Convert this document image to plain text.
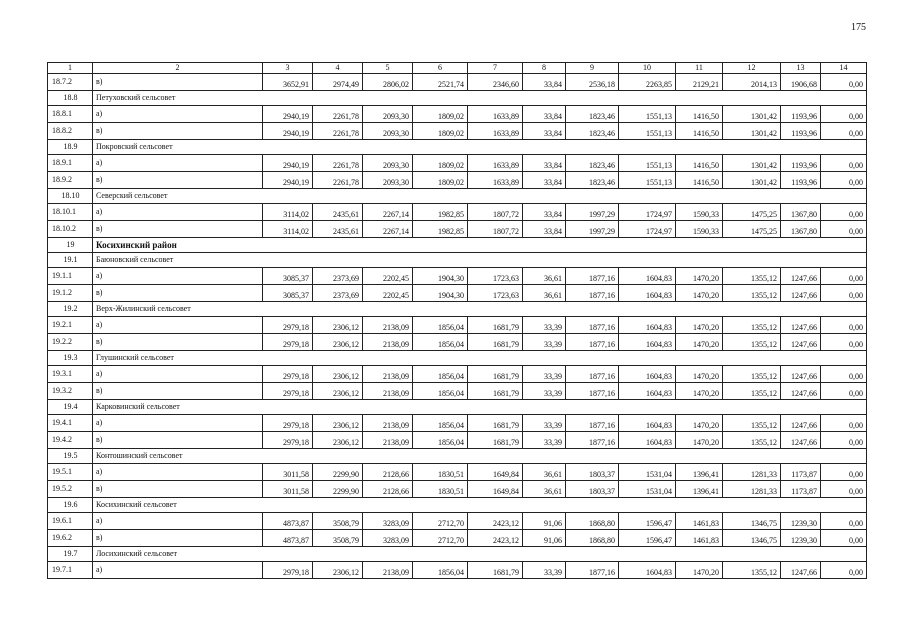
175
1	2	3	4	5	6	7	8	9	10	11	12	13	14
18.7.2	в)	3652,91	2974,49	2806,02	2521,74	2346,60	33,84	2536,18	2263,85	2129,21	2014,13	1906,68	0,00
18.8	Петуховский сельсовет												
18.8.1	а)	2940,19	2261,78	2093,30	1809,02	1633,89	33,84	1823,46	1551,13	1416,50	1301,42	1193,96	0,00
18.8.2	в)	2940,19	2261,78	2093,30	1809,02	1633,89	33,84	1823,46	1551,13	1416,50	1301,42	1193,96	0,00
18.9	Покровский сельсовет												
18.9.1	а)	2940,19	2261,78	2093,30	1809,02	1633,89	33,84	1823,46	1551,13	1416,50	1301,42	1193,96	0,00
18.9.2	в)	2940,19	2261,78	2093,30	1809,02	1633,89	33,84	1823,46	1551,13	1416,50	1301,42	1193,96	0,00
18.10	Северский сельсовет												
18.10.1	а)	3114,02	2435,61	2267,14	1982,85	1807,72	33,84	1997,29	1724,97	1590,33	1475,25	1367,80	0,00
18.10.2	в)	3114,02	2435,61	2267,14	1982,85	1807,72	33,84	1997,29	1724,97	1590,33	1475,25	1367,80	0,00
19	Косихинский район												
19.1	Баюновский сельсовет												
19.1.1	а)	3085,37	2373,69	2202,45	1904,30	1723,63	36,61	1877,16	1604,83	1470,20	1355,12	1247,66	0,00
19.1.2	в)	3085,37	2373,69	2202,45	1904,30	1723,63	36,61	1877,16	1604,83	1470,20	1355,12	1247,66	0,00
19.2	Верх-Жилинский сельсовет												
19.2.1	а)	2979,18	2306,12	2138,09	1856,04	1681,79	33,39	1877,16	1604,83	1470,20	1355,12	1247,66	0,00
19.2.2	в)	2979,18	2306,12	2138,09	1856,04	1681,79	33,39	1877,16	1604,83	1470,20	1355,12	1247,66	0,00
19.3	Глушинский сельсовет												
19.3.1	а)	2979,18	2306,12	2138,09	1856,04	1681,79	33,39	1877,16	1604,83	1470,20	1355,12	1247,66	0,00
19.3.2	в)	2979,18	2306,12	2138,09	1856,04	1681,79	33,39	1877,16	1604,83	1470,20	1355,12	1247,66	0,00
19.4	Карковинский сельсовет												
19.4.1	а)	2979,18	2306,12	2138,09	1856,04	1681,79	33,39	1877,16	1604,83	1470,20	1355,12	1247,66	0,00
19.4.2	в)	2979,18	2306,12	2138,09	1856,04	1681,79	33,39	1877,16	1604,83	1470,20	1355,12	1247,66	0,00
19.5	Контошинский сельсовет												
19.5.1	а)	3011,58	2299,90	2128,66	1830,51	1649,84	36,61	1803,37	1531,04	1396,41	1281,33	1173,87	0,00
19.5.2	в)	3011,58	2299,90	2128,66	1830,51	1649,84	36,61	1803,37	1531,04	1396,41	1281,33	1173,87	0,00
19.6	Косихинский сельсовет												
19.6.1	а)	4873,87	3508,79	3283,09	2712,70	2423,12	91,06	1868,80	1596,47	1461,83	1346,75	1239,30	0,00
19.6.2	в)	4873,87	3508,79	3283,09	2712,70	2423,12	91,06	1868,80	1596,47	1461,83	1346,75	1239,30	0,00
19.7	Лосихинский сельсовет												
19.7.1	а)	2979,18	2306,12	2138,09	1856,04	1681,79	33,39	1877,16	1604,83	1470,20	1355,12	1247,66	0,00
